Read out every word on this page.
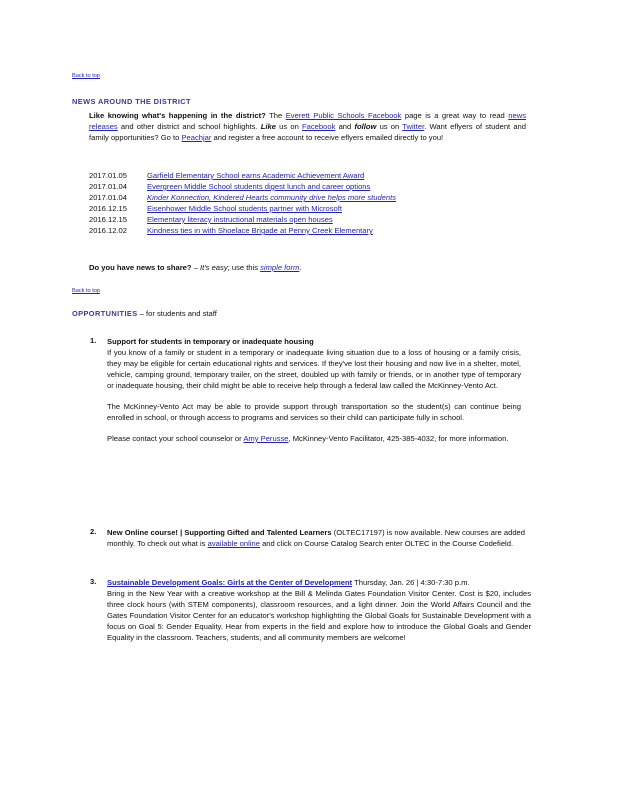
Back to top
NEWS AROUND THE DISTRICT
Like knowing what's happening in the district? The Everett Public Schools Facebook page is a great way to read news releases and other district and school highlights. Like us on Facebook and follow us on Twitter. Want eflyers of student and family opportunities? Go to Peachjar and register a free account to receive eflyers emailed directly to you!
2017.01.05	Garfield Elementary School earns Academic Achievement Award
2017.01.04	Evergreen Middle School students digest lunch and career options
2017.01.04	Kinder Konnection, Kindered Hearts community drive helps more students
2016.12.15	Eisenhower Middle School students partner with Microsoft
2016.12.15	Elementary literacy instructional materials open houses
2016.12.02	Kindness ties in with Shoelace Brigade at Penny Creek Elementary
Do you have news to share? – It's easy; use this simple form.
Back to top
OPPORTUNITIES – for students and staff
1. Support for students in temporary or inadequate housing
If you know of a family or student in a temporary or inadequate living situation due to a loss of housing or a family crisis, they may be eligible for certain educational rights and services. If they've lost their housing and now live in a shelter, motel, vehicle, camping ground, temporary trailer, on the street, doubled up with family or friends, or in another type of temporary or inadequate housing, their child might be able to receive help through a federal law called the McKinney-Vento Act.
The McKinney-Vento Act may be able to provide support through transportation so the student(s) can continue being enrolled in school, or through access to programs and services so their child can participate fully in school.
Please contact your school counselor or Amy Perusse, McKinney-Vento Facilitator, 425-385-4032, for more information.
2. New Online course! | Supporting Gifted and Talented Learners (OLTEC17197) is now available. New courses are added monthly. To check out what is available online and click on Course Catalog Search enter OLTEC in the Course Codefield.
3. Sustainable Development Goals: Girls at the Center of Development Thursday, Jan. 26 | 4:30-7:30 p.m.
Bring in the New Year with a creative workshop at the Bill & Melinda Gates Foundation Visitor Center. Cost is $20, includes three clock hours (with STEM components), classroom resources, and a light dinner. Join the World Affairs Council and the Gates Foundation Visitor Center for an educator's workshop highlighting the Global Goals for Sustainable Development with a focus on Goal 5: Gender Equality. Hear from experts in the field and explore how to introduce the Global Goals and Gender Equality in the classroom. Teachers, students, and all community members are welcome!
